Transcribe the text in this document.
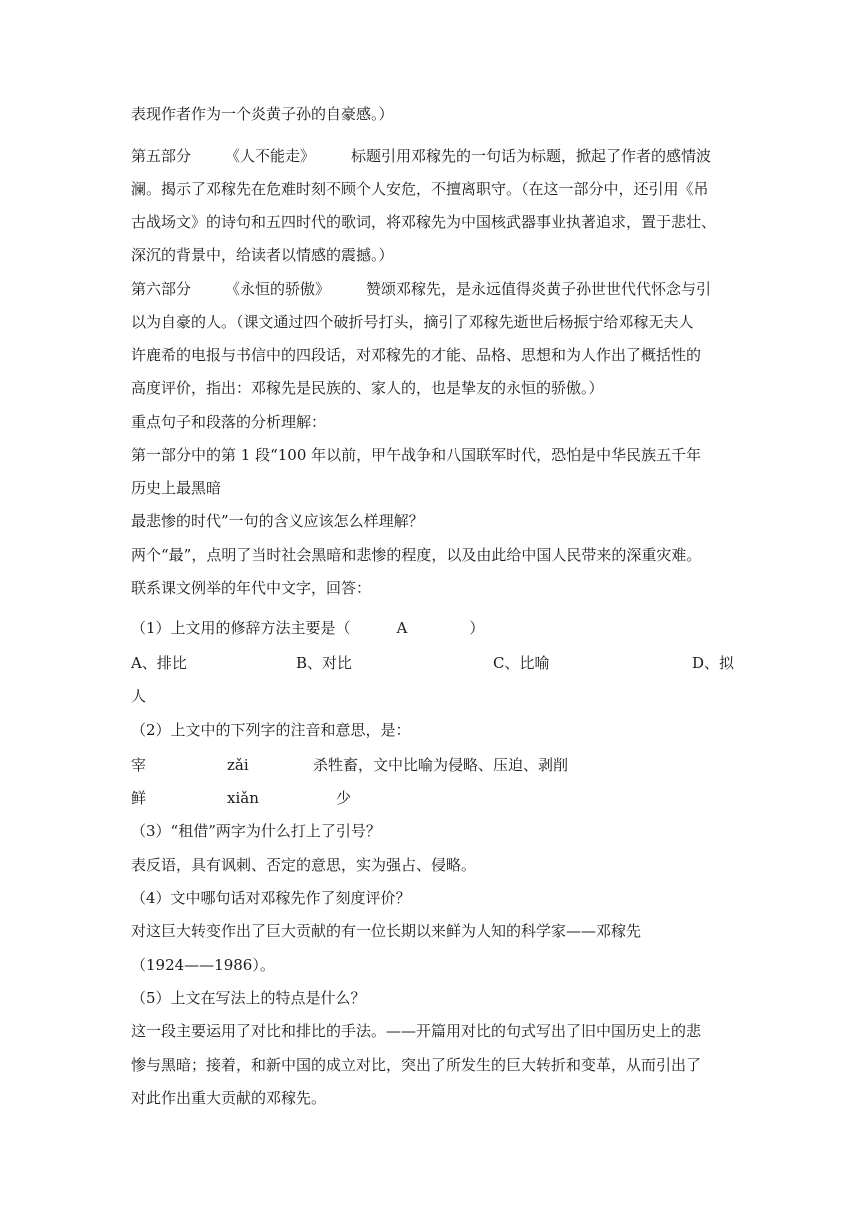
表现作者作为一个炎黄子孙的自豪感。）
第五部分 《人不能走》 标题引用邓稼先的一句话为标题，掀起了作者的感情波
澜。揭示了邓稼先在危难时刻不顾个人安危，不擅离职守。（在这一部分中，还引用《吊
古战场文》的诗句和五四时代的歌词，将邓稼先为中国核武器事业执著追求，置于悲壮、
深沉的背景中，给读者以情感的震撼。）
第六部分 《永恒的骄傲》 赞颂邓稼先，是永远值得炎黄子孙世世代代怀念与引
以为自豪的人。（课文通过四个破折号打头，摘引了邓稼先逝世后杨振宁给邓稼无夫人
许鹿希的电报与书信中的四段话，对邓稼先的才能、品格、思想和为人作出了概括性的
高度评价，指出：邓稼先是民族的、家人的，也是挚友的永恒的骄傲。）
重点句子和段落的分析理解：
第一部分中的第 1 段“100 年以前，甲午战争和八国联军时代，恐怕是中华民族五千年
历史上最黑暗
最悲惨的时代”一句的含义应该怎么样理解？
两个“最”，点明了当时社会黑暗和悲惨的程度，以及由此给中国人民带来的深重灾难。
联系课文例举的年代中文字，回答：
（1）上文用的修辞方法主要是（	A	）
A、排比	B、对比	C、比喻	D、拟
人
（2）上文中的下列字的注音和意思，是：
宰	zǎi	杀牲畜，文中比喻为侵略、压迫、剥削
鲜	xiǎn	少
（3）“租借”两字为什么打上了引号？
表反语，具有讽刺、否定的意思，实为强占、侵略。
（4）文中哪句话对邓稼先作了刻度评价？
对这巨大转变作出了巨大贡献的有一位长期以来鲜为人知的科学家——邓稼先
（1924——1986）。
（5）上文在写法上的特点是什么？
这一段主要运用了对比和排比的手法。——开篇用对比的句式写出了旧中国历史上的悲
惨与黑暗；接着，和新中国的成立对比，突出了所发生的巨大转折和变革，从而引出了
对此作出重大贡献的邓稼先。
